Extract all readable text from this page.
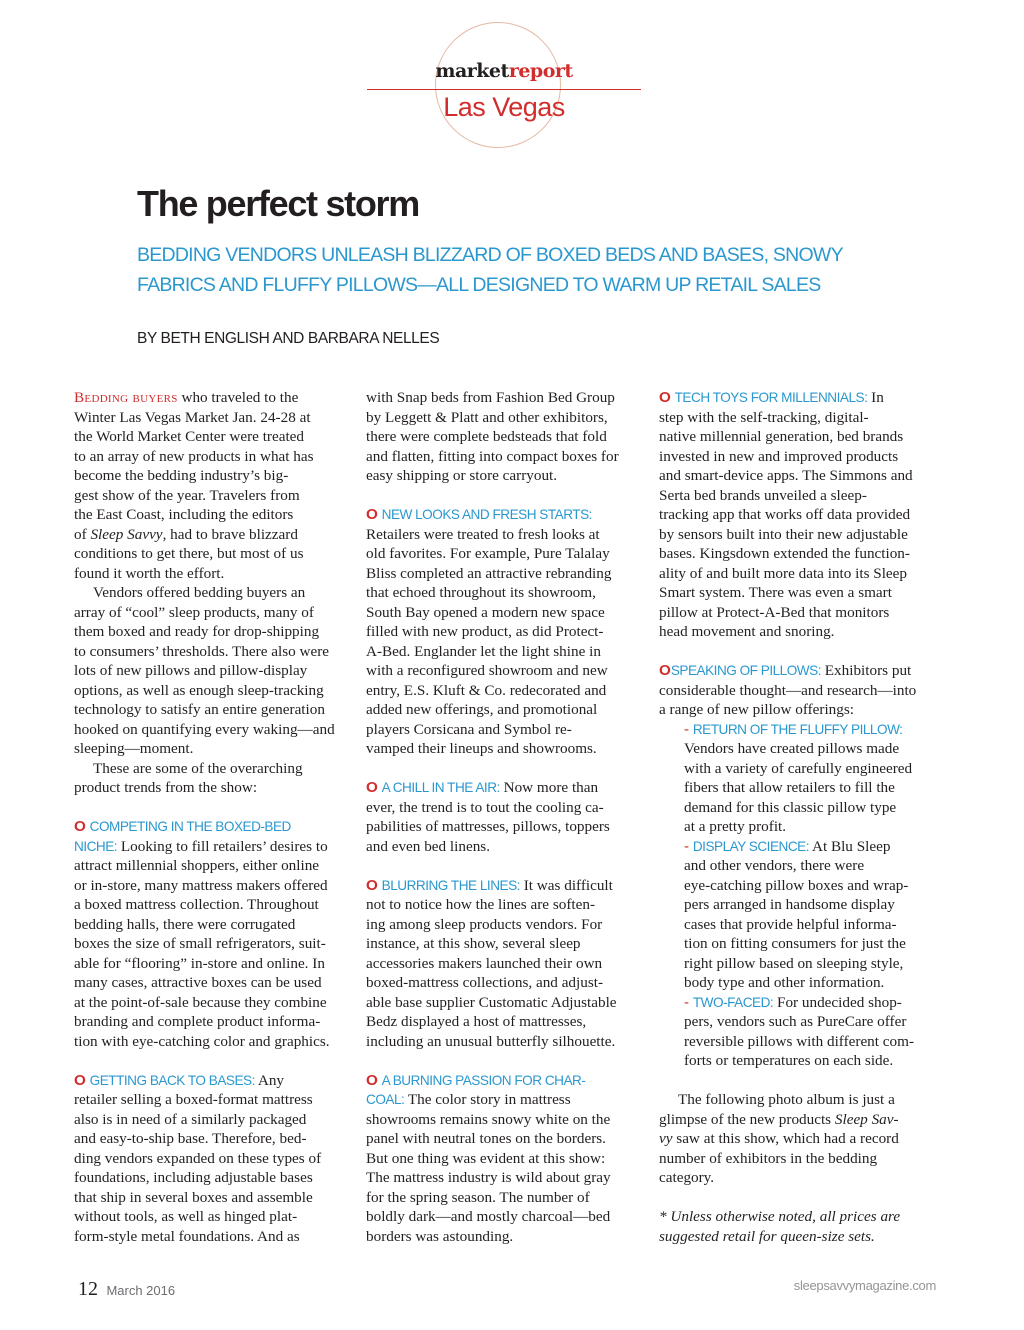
marketreport
Las Vegas
The perfect storm
BEDDING VENDORS UNLEASH BLIZZARD OF BOXED BEDS AND BASES, SNOWY
FABRICS AND FLUFFY PILLOWS—ALL DESIGNED TO WARM UP RETAIL SALES
BY BETH ENGLISH AND BARBARA NELLES
Bedding buyers who traveled to the
Winter Las Vegas Market Jan. 24-28 at
the World Market Center were treated
to an array of new products in what has
become the bedding industry’s big-
gest show of the year. Travelers from
the East Coast, including the editors
of Sleep Savvy, had to brave blizzard
conditions to get there, but most of us
found it worth the effort.
Vendors offered bedding buyers an
array of “cool” sleep products, many of
them boxed and ready for drop-shipping
to consumers’ thresholds. There also were
lots of new pillows and pillow-display
options, as well as enough sleep-tracking
technology to satisfy an entire generation
hooked on quantifying every waking—and
sleeping—moment.
These are some of the overarching
product trends from the show:
O COMPETING IN THE BOXED-BED
NICHE: Looking to fill retailers’ desires to
attract millennial shoppers, either online
or in-store, many mattress makers offered
a boxed mattress collection. Throughout
bedding halls, there were corrugated
boxes the size of small refrigerators, suit-
able for “flooring” in-store and online. In
many cases, attractive boxes can be used
at the point-of-sale because they combine
branding and complete product informa-
tion with eye-catching color and graphics.
O GETTING BACK TO BASES: Any
retailer selling a boxed-format mattress
also is in need of a similarly packaged
and easy-to-ship base. Therefore, bed-
ding vendors expanded on these types of
foundations, including adjustable bases
that ship in several boxes and assemble
without tools, as well as hinged plat-
form-style metal foundations. And as
with Snap beds from Fashion Bed Group
by Leggett & Platt and other exhibitors,
there were complete bedsteads that fold
and flatten, fitting into compact boxes for
easy shipping or store carryout.
O NEW LOOKS AND FRESH STARTS:
Retailers were treated to fresh looks at
old favorites. For example, Pure Talalay
Bliss completed an attractive rebranding
that echoed throughout its showroom,
South Bay opened a modern new space
filled with new product, as did Protect-
A-Bed. Englander let the light shine in
with a reconfigured showroom and new
entry, E.S. Kluft & Co. redecorated and
added new offerings, and promotional
players Corsicana and Symbol re-
vamped their lineups and showrooms.
O A CHILL IN THE AIR: Now more than
ever, the trend is to tout the cooling ca-
pabilities of mattresses, pillows, toppers
and even bed linens.
O BLURRING THE LINES: It was difficult
not to notice how the lines are soften-
ing among sleep products vendors. For
instance, at this show, several sleep
accessories makers launched their own
boxed-mattress collections, and adjust-
able base supplier Customatic Adjustable
Bedz displayed a host of mattresses,
including an unusual butterfly silhouette.
O A BURNING PASSION FOR CHAR-
COAL: The color story in mattress
showrooms remains snowy white on the
panel with neutral tones on the borders.
But one thing was evident at this show:
The mattress industry is wild about gray
for the spring season. The number of
boldly dark—and mostly charcoal—bed
borders was astounding.
O TECH TOYS FOR MILLENNIALS: In
step with the self-tracking, digital-
native millennial generation, bed brands
invested in new and improved products
and smart-device apps. The Simmons and
Serta bed brands unveiled a sleep-
tracking app that works off data provided
by sensors built into their new adjustable
bases. Kingsdown extended the function-
ality of and built more data into its Sleep
Smart system. There was even a smart
pillow at Protect-A-Bed that monitors
head movement and snoring.
OSPEAKING OF PILLOWS: Exhibitors put
considerable thought—and research—into
a range of new pillow offerings:
- RETURN OF THE FLUFFY PILLOW:
Vendors have created pillows made
with a variety of carefully engineered
fibers that allow retailers to fill the
demand for this classic pillow type
at a pretty profit.
- DISPLAY SCIENCE: At Blu Sleep
and other vendors, there were
eye-catching pillow boxes and wrap-
pers arranged in handsome display
cases that provide helpful informa-
tion on fitting consumers for just the
right pillow based on sleeping style,
body type and other information.
- TWO-FACED: For undecided shop-
pers, vendors such as PureCare offer
reversible pillows with different com-
forts or temperatures on each side.
The following photo album is just a
glimpse of the new products Sleep Sav-
vy saw at this show, which had a record
number of exhibitors in the bedding
category.
* Unless otherwise noted, all prices are
suggested retail for queen-size sets.
12 March 2016	sleepsavvymagazine.com
